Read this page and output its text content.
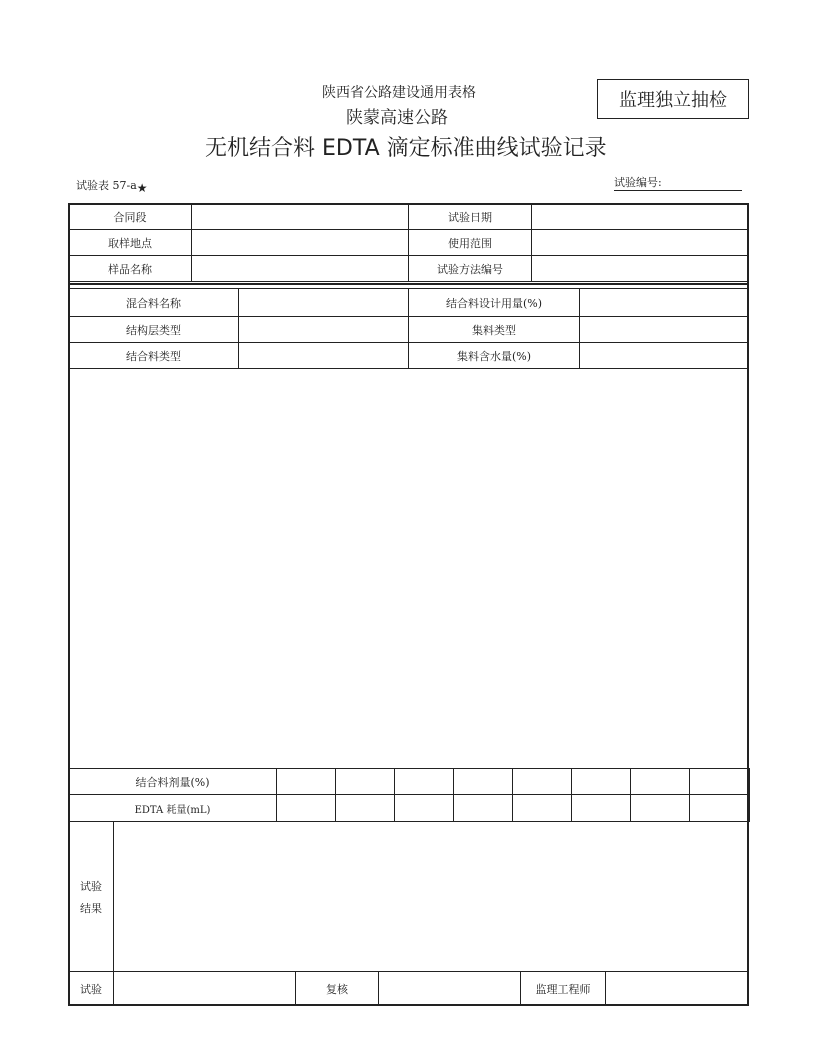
陕西省公路建设通用表格
陕蒙高速公路
无机结合料 EDTA 滴定标准曲线试验记录
监理独立抽检
试验表 57-a★	试验编号:
合同段	试验日期
取样地点	使用范围
样品名称	试验方法编号
混合料名称	结合料设计用量(%)
结构层类型	集料类型
结合料类型	集料含水量(%)
结合料剂量(%)
EDTA 耗量(mL)
试验
结果
试验	复核	监理工程师
